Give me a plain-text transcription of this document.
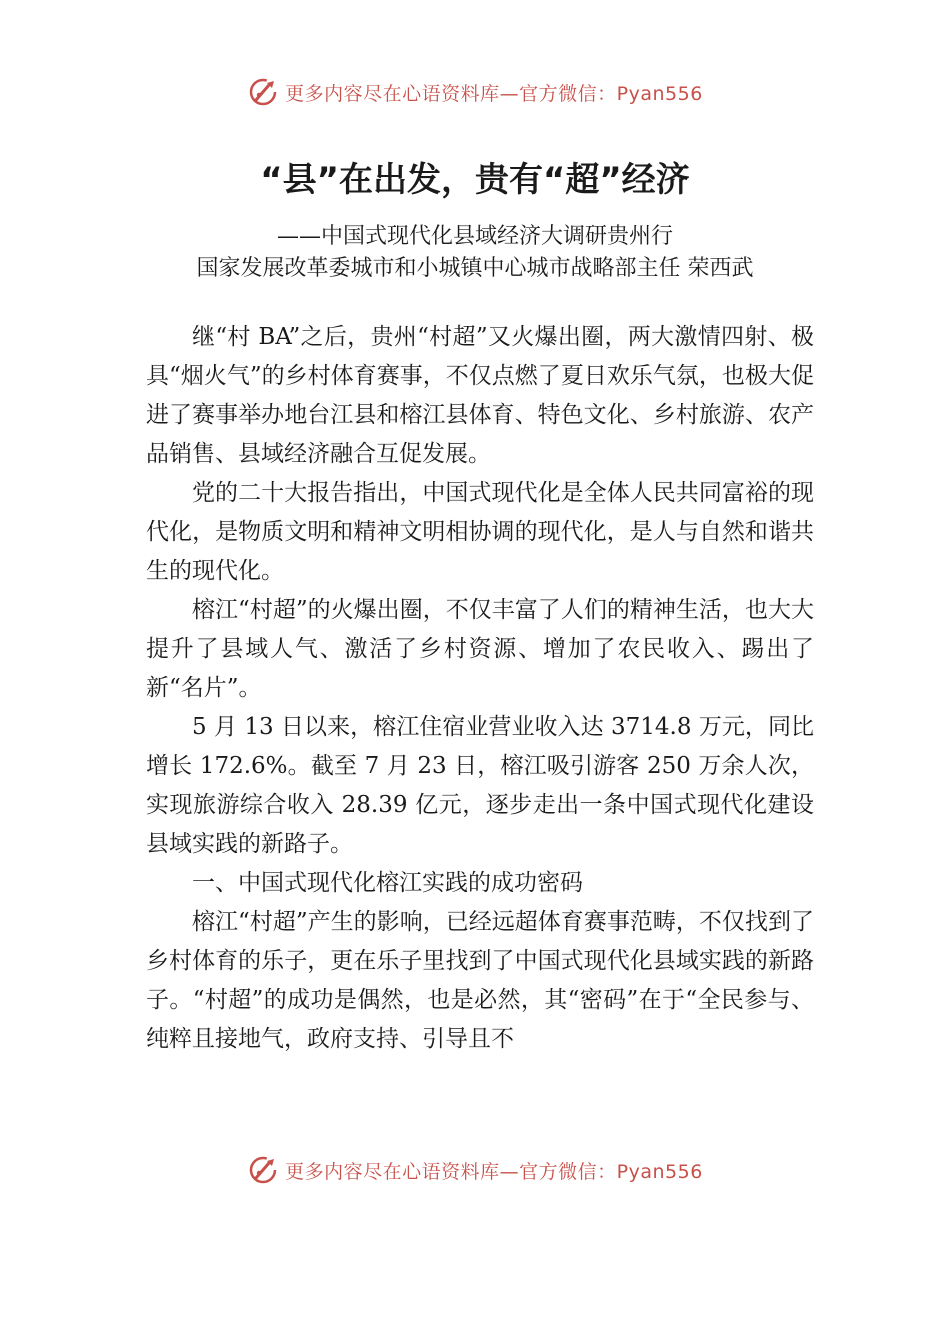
更多内容尽在心语资料库—官方微信：Pyan556
“县”在出发，贵有“超”经济
——中国式现代化县域经济大调研贵州行
国家发展改革委城市和小城镇中心城市战略部主任 荣西武

继“村 BA”之后，贵州“村超”又火爆出圈，两大激情四射、极具“烟火气”的乡村体育赛事，不仅点燃了夏日欢乐气氛，也极大促进了赛事举办地台江县和榕江县体育、特色文化、乡村旅游、农产品销售、县域经济融合互促发展。

党的二十大报告指出，中国式现代化是全体人民共同富裕的现代化，是物质文明和精神文明相协调的现代化，是人与自然和谐共生的现代化。

榕江“村超”的火爆出圈，不仅丰富了人们的精神生活，也大大提升了县域人气、激活了乡村资源、增加了农民收入、踢出了新“名片”。

5 月 13 日以来，榕江住宿业营业收入达 3714.8 万元，同比增长 172.6%。截至 7 月 23 日，榕江吸引游客 250 万余人次，实现旅游综合收入 28.39 亿元，逐步走出一条中国式现代化建设县域实践的新路子。

一、中国式现代化榕江实践的成功密码

榕江“村超”产生的影响，已经远超体育赛事范畴，不仅找到了乡村体育的乐子，更在乐子里找到了中国式现代化县域实践的新路子。“村超”的成功是偶然，也是必然，其“密码”在于“全民参与、纯粹且接地气，政府支持、引导且不

更多内容尽在心语资料库—官方微信：Pyan556
